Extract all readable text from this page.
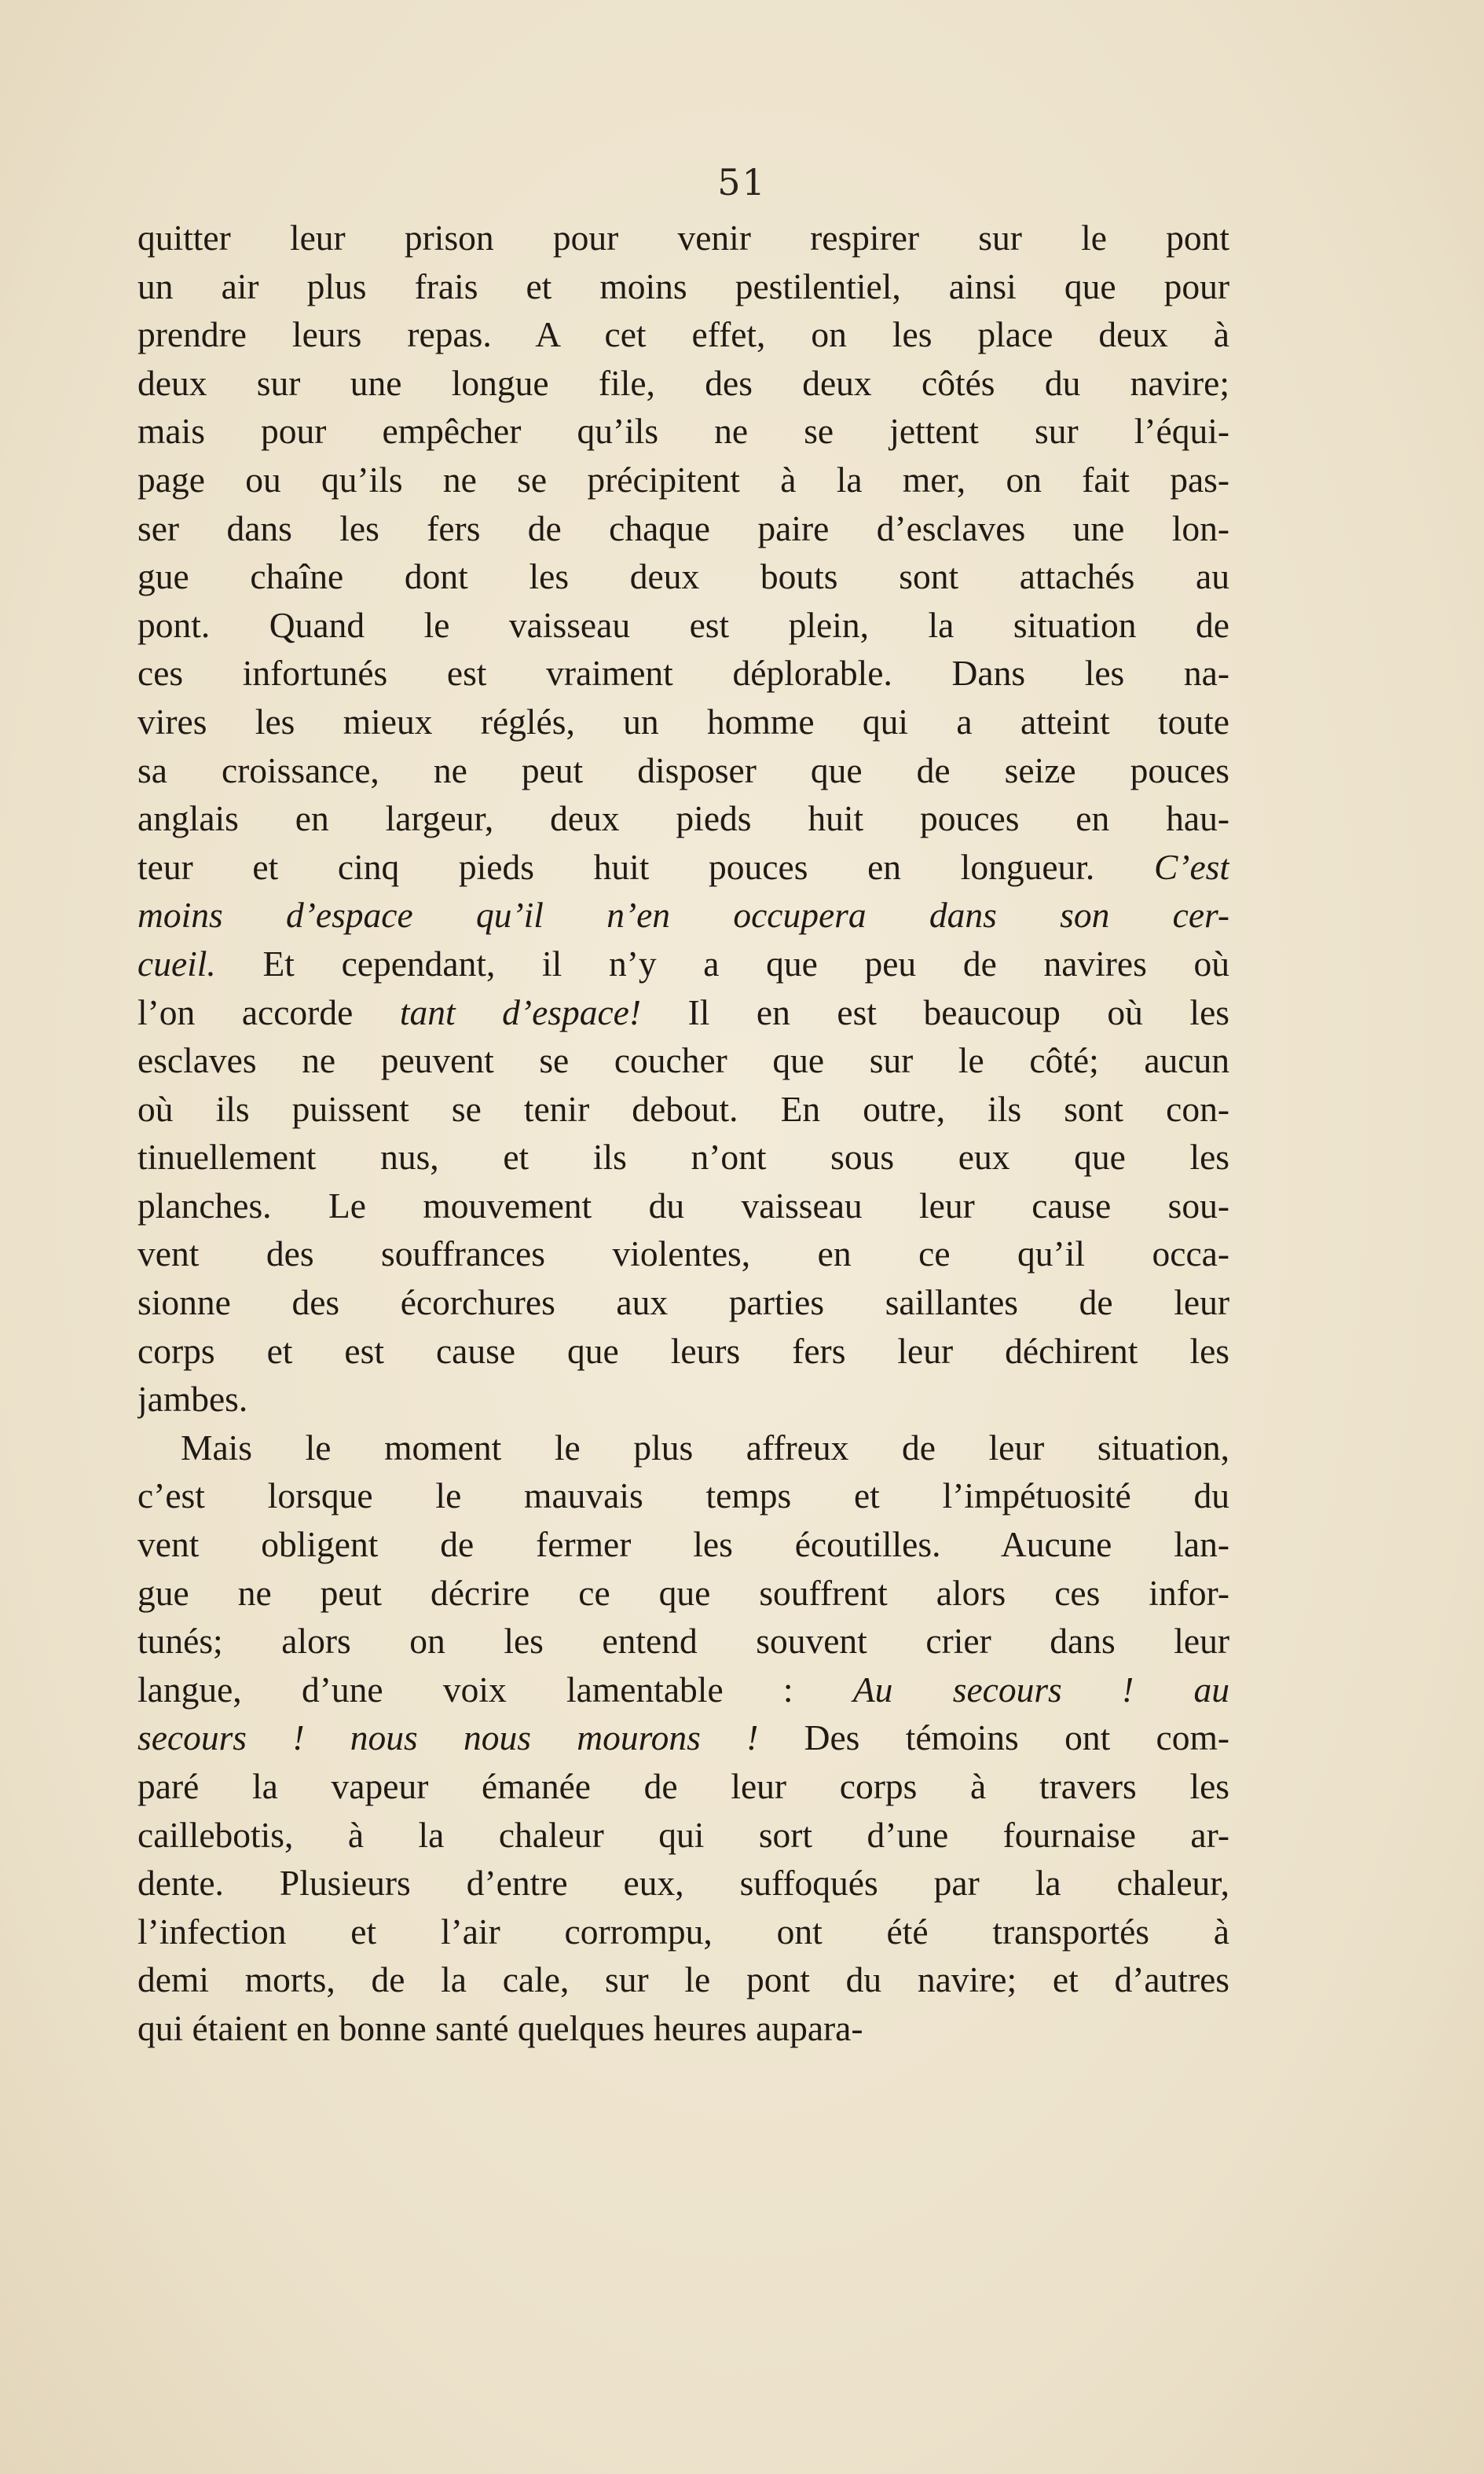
51
quitter leur prison pour venir respirer sur le pont
un air plus frais et moins pestilentiel, ainsi que pour
prendre leurs repas. A cet effet, on les place deux à
deux sur une longue file, des deux côtés du navire;
mais pour empêcher qu’ils ne se jettent sur l’équi-
page ou qu’ils ne se précipitent à la mer, on fait pas-
ser dans les fers de chaque paire d’esclaves une lon-
gue chaîne dont les deux bouts sont attachés au
pont. Quand le vaisseau est plein, la situation de
ces infortunés est vraiment déplorable. Dans les na-
vires les mieux réglés, un homme qui a atteint toute
sa croissance, ne peut disposer que de seize pouces
anglais en largeur, deux pieds huit pouces en hau-
teur et cinq pieds huit pouces en longueur. C’est
moins d’espace qu’il n’en occupera dans son cer-
cueil. Et cependant, il n’y a que peu de navires où
l’on accorde tant d’espace! Il en est beaucoup où les
esclaves ne peuvent se coucher que sur le côté; aucun
où ils puissent se tenir debout. En outre, ils sont con-
tinuellement nus, et ils n’ont sous eux que les
planches. Le mouvement du vaisseau leur cause sou-
vent des souffrances violentes, en ce qu’il occa-
sionne des écorchures aux parties saillantes de leur
corps et est cause que leurs fers leur déchirent les
jambes.
Mais le moment le plus affreux de leur situation,
c’est lorsque le mauvais temps et l’impétuosité du
vent obligent de fermer les écoutilles. Aucune lan-
gue ne peut décrire ce que souffrent alors ces infor-
tunés; alors on les entend souvent crier dans leur
langue, d’une voix lamentable : Au secours ! au
secours ! nous nous mourons ! Des témoins ont com-
paré la vapeur émanée de leur corps à travers les
caillebotis, à la chaleur qui sort d’une fournaise ar-
dente. Plusieurs d’entre eux, suffoqués par la chaleur,
l’infection et l’air corrompu, ont été transportés à
demi morts, de la cale, sur le pont du navire; et d’autres
qui étaient en bonne santé quelques heures aupara-
